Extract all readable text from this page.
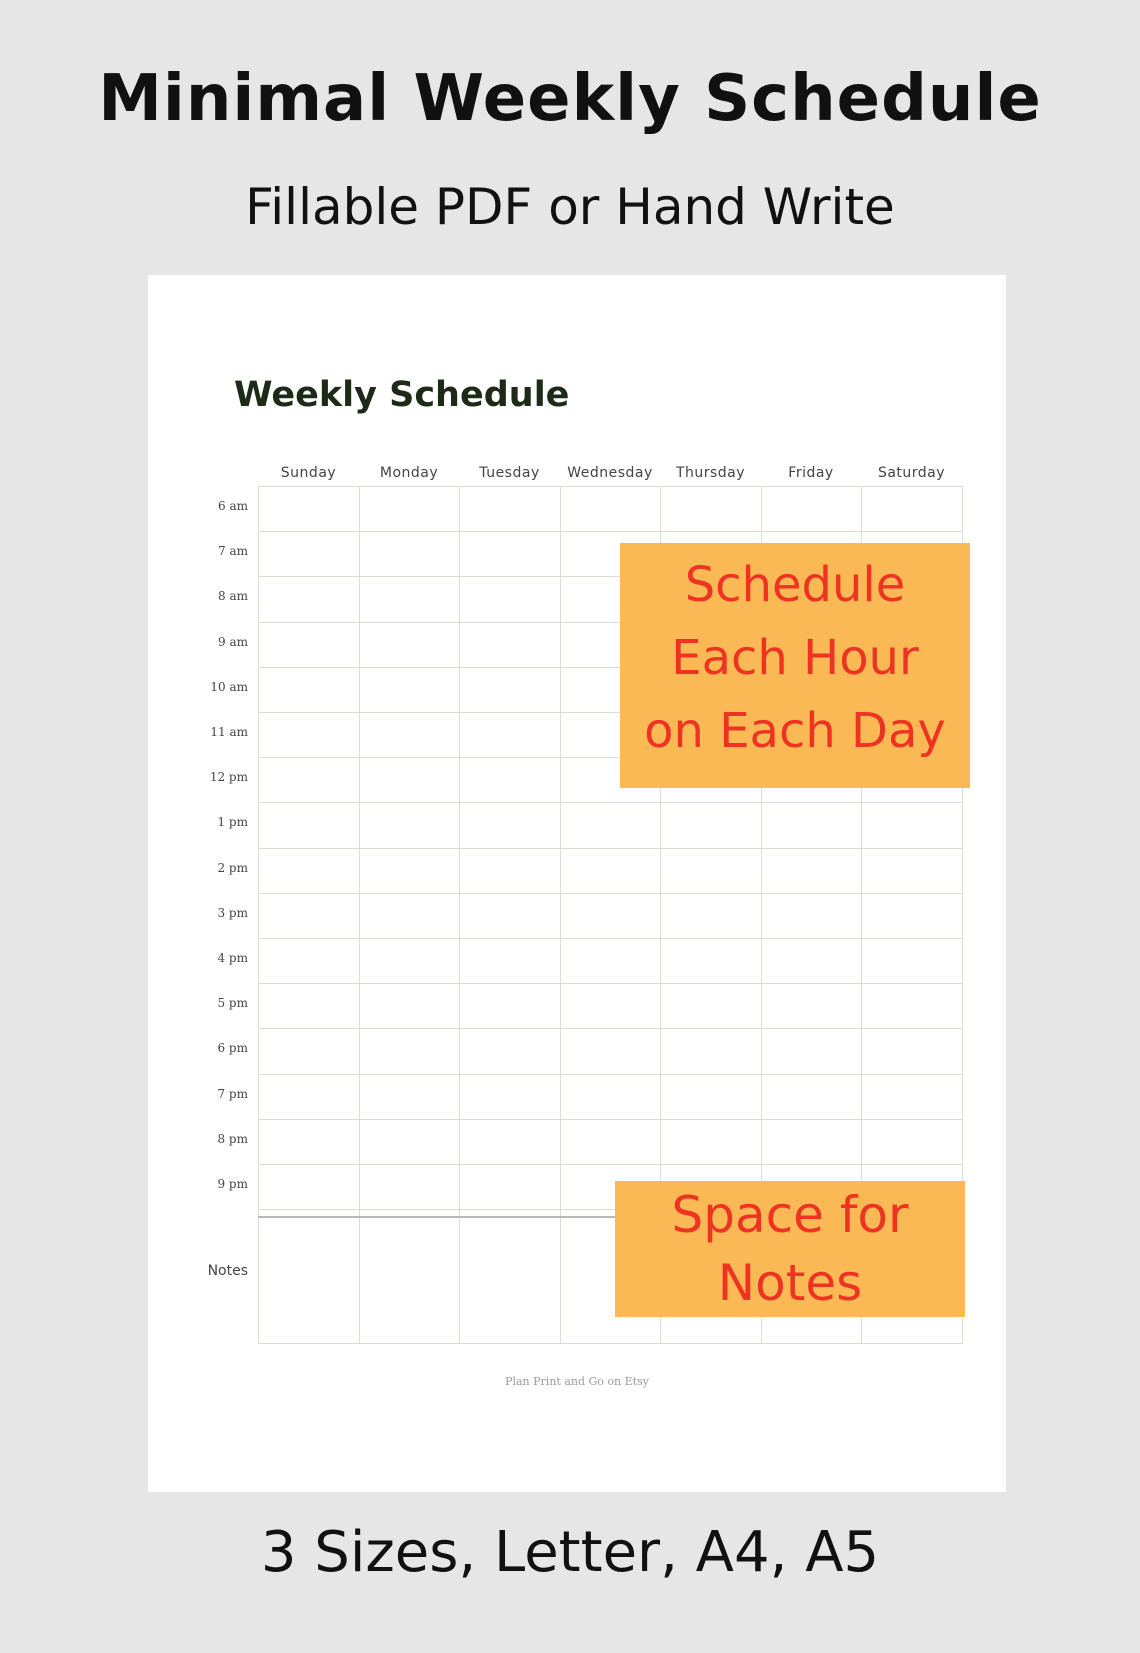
Minimal Weekly Schedule

Fillable PDF or Hand Write

Weekly Schedule
Sunday	Monday	Tuesday	Wednesday	Thursday	Friday	Saturday
6 am
7 am
8 am
9 am
10 am
11 am
12 pm
1 pm
2 pm
3 pm
4 pm
5 pm
6 pm
7 pm
8 pm
9 pm
Notes
Schedule
Each Hour
on Each Day
Space for
Notes
Plan Print and Go on Etsy

3 Sizes, Letter, A4, A5
